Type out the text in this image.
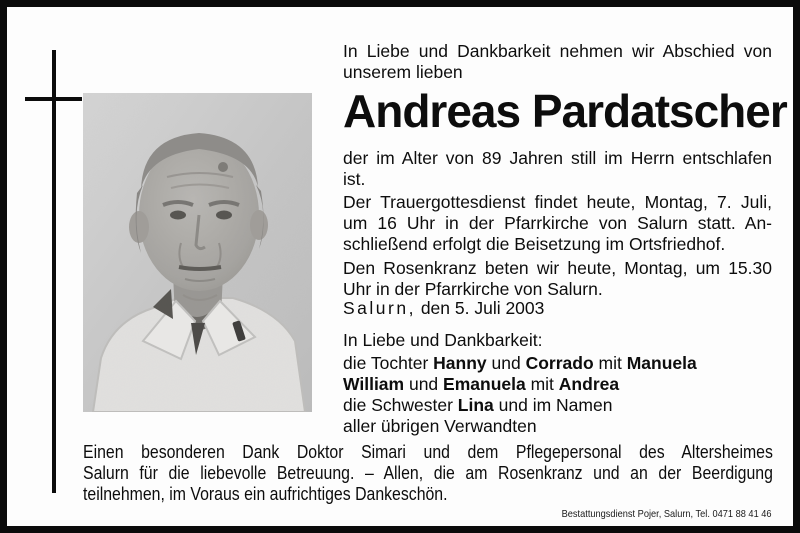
In Liebe und Dankbarkeit nehmen wir Abschied von
unserem lieben
Andreas Pardatscher
der im Alter von 89 Jahren still im Herrn entschlafen
ist.
Der Trauergottesdienst findet heute, Montag, 7. Juli,
um 16 Uhr in der Pfarrkirche von Salurn statt. An-
schließend erfolgt die Beisetzung im Ortsfriedhof.
Den Rosenkranz beten wir heute, Montag, um 15.30
Uhr in der Pfarrkirche von Salurn.
Salurn, den 5. Juli 2003
In Liebe und Dankbarkeit:
die Tochter Hanny und Corrado mit Manuela
William und Emanuela mit Andrea
die Schwester Lina und im Namen
aller übrigen Verwandten
Einen besonderen Dank Doktor Simari und dem Pflegepersonal des Altersheimes
Salurn für die liebevolle Betreuung. – Allen, die am Rosenkranz und an der Beerdigung
teilnehmen, im Voraus ein aufrichtiges Dankeschön.
Bestattungsdienst Pojer, Salurn, Tel. 0471 88 41 46
